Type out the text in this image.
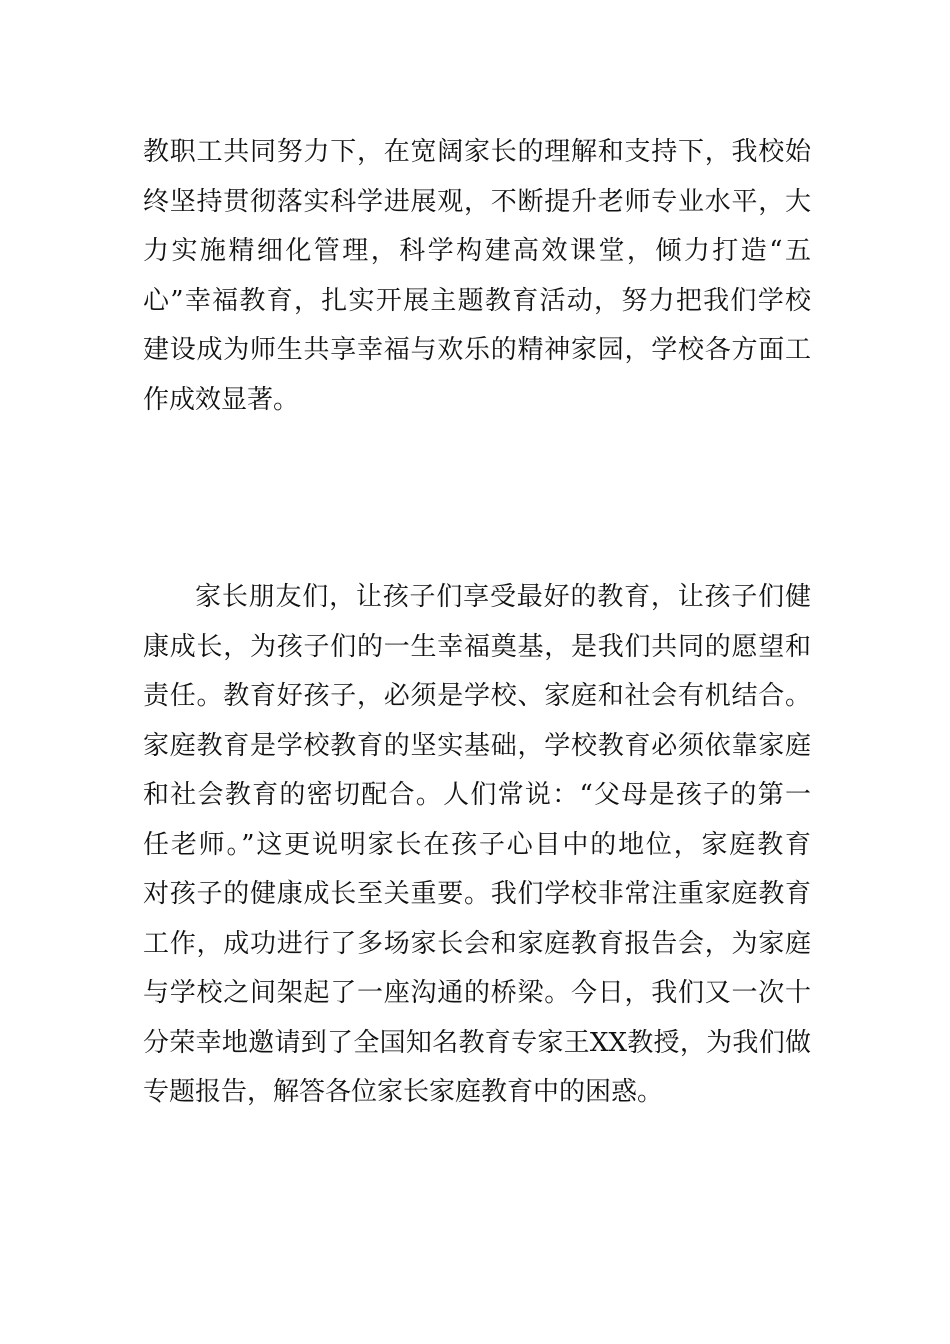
教职工共同努力下，在宽阔家长的理解和支持下，我校始
终坚持贯彻落实科学进展观，不断提升老师专业水平，大
力实施精细化管理，科学构建高效课堂，倾力打造“五
心”幸福教育，扎实开展主题教育活动，努力把我们学校
建设成为师生共享幸福与欢乐的精神家园，学校各方面工
作成效显著。
家长朋友们，让孩子们享受最好的教育，让孩子们健
康成长，为孩子们的一生幸福奠基，是我们共同的愿望和
责任。教育好孩子，必须是学校、家庭和社会有机结合。
家庭教育是学校教育的坚实基础，学校教育必须依靠家庭
和社会教育的密切配合。人们常说：“父母是孩子的第一
任老师。”这更说明家长在孩子心目中的地位，家庭教育
对孩子的健康成长至关重要。我们学校非常注重家庭教育
工作，成功进行了多场家长会和家庭教育报告会，为家庭
与学校之间架起了一座沟通的桥梁。今日，我们又一次十
分荣幸地邀请到了全国知名教育专家王XX教授，为我们做
专题报告，解答各位家长家庭教育中的困惑。
